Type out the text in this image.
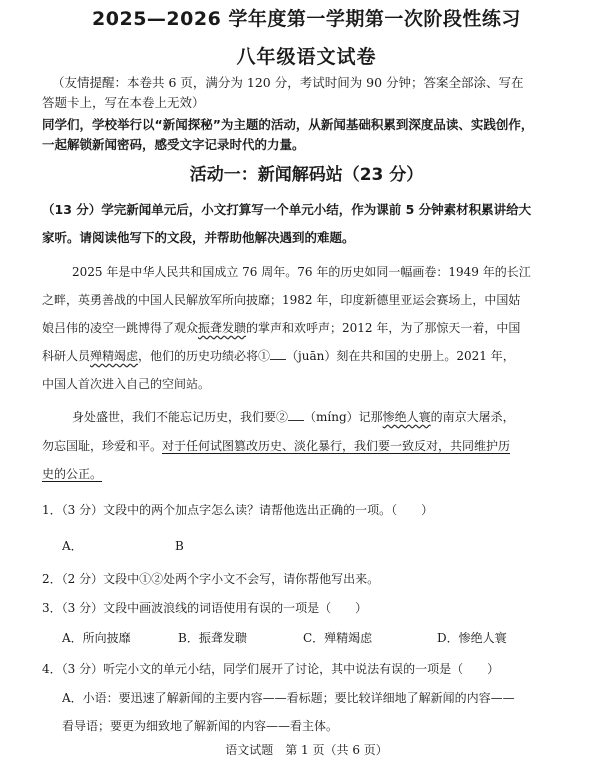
2025—2026 学年度第一学期第一次阶段性练习
八年级语文试卷
（友情提醒：本卷共 6 页，满分为 120 分，考试时间为 90 分钟；答案全部涂、写在
答题卡上，写在本卷上无效）
同学们，学校举行以“新闻探秘”为主题的活动，从新闻基础积累到深度品读、实践创作，
一起解锁新闻密码，感受文字记录时代的力量。
活动一：新闻解码站（23 分）
（13 分）学完新闻单元后，小文打算写一个单元小结，作为课前 5 分钟素材积累讲给大
家听。请阅读他写下的文段，并帮助他解决遇到的难题。
2025 年是中华人民共和国成立 76 周年。76 年的历史如同一幅画卷：1949 年的长江
之畔，英勇善战的中国人民解放军所向披靡；1982 年，印度新德里亚运会赛场上，中国姑
娘吕伟的凌空一跳博得了观众振聋发聩的掌声和欢呼声；2012 年，为了那惊天一着，中国
科研人员殚精竭虑，他们的历史功绩必将① （juān）刻在共和国的史册上。2021 年，
中国人首次进入自己的空间站。
身处盛世，我们不能忘记历史，我们要② （míng）记那惨绝人寰的南京大屠杀，
勿忘国耻，珍爱和平。对于任何试图篡改历史、淡化暴行，我们要一致反对，共同维护历
史的公正。
1．（3 分）文段中的两个加点字怎么读？请帮他选出正确的一项。（　　）
A．	B
2．（2 分）文段中①②处两个字小文不会写，请你帮他写出来。
3．（3 分）文段中画波浪线的词语使用有误的一项是（　　）
A．所向披靡	B．振聋发聩	C．殚精竭虑	D．惨绝人寰
4．（3 分）听完小文的单元小结，同学们展开了讨论，其中说法有误的一项是（　　）
A．小语：要迅速了解新闻的主要内容——看标题；要比较详细地了解新闻的内容——
看导语；要更为细致地了解新闻的内容——看主体。
语文试题　第 1 页（共 6 页）
